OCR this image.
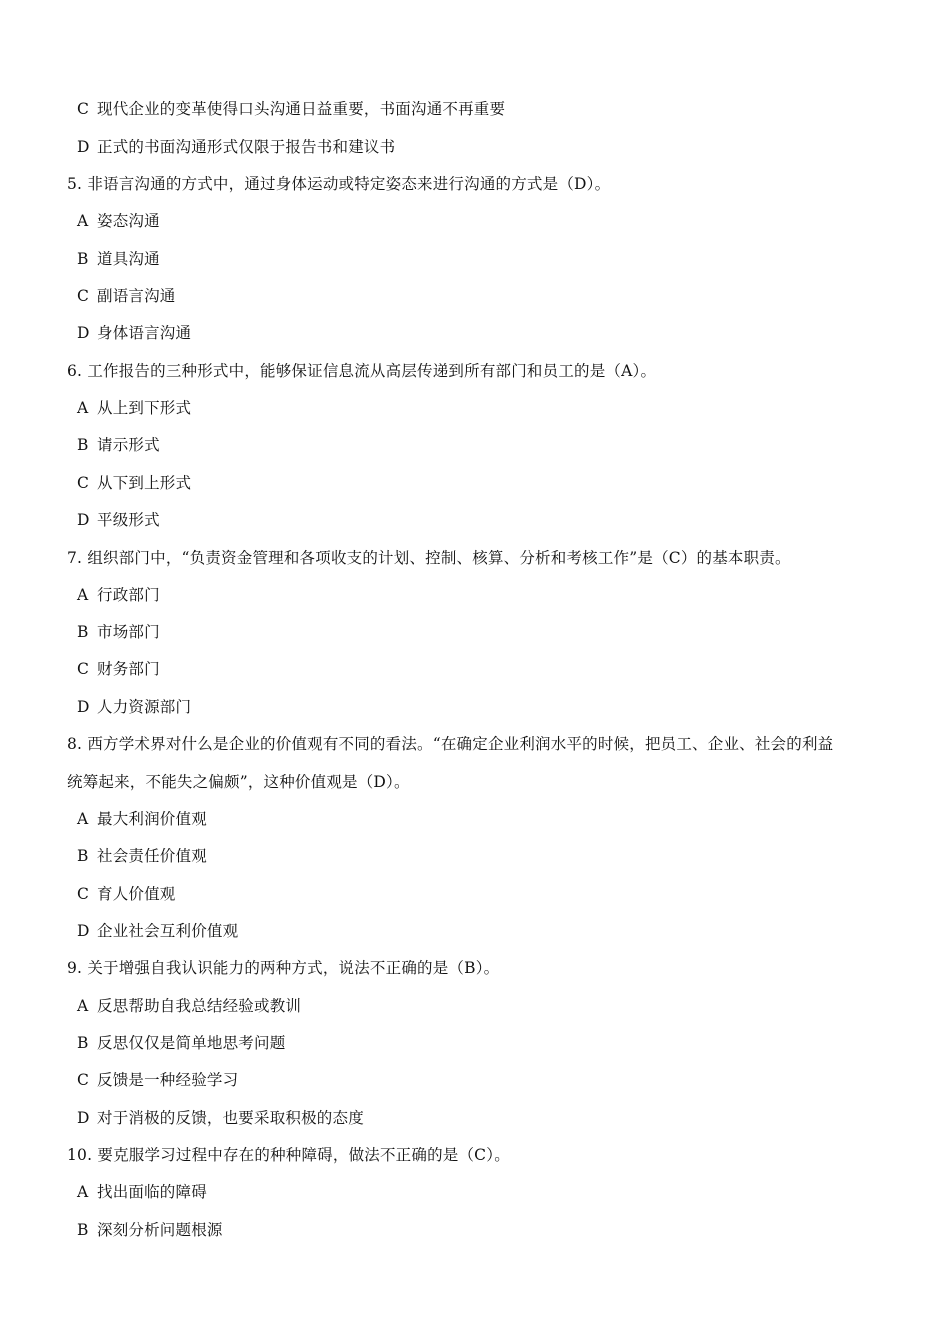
C 现代企业的变革使得口头沟通日益重要，书面沟通不再重要
D 正式的书面沟通形式仅限于报告书和建议书
5. 非语言沟通的方式中，通过身体运动或特定姿态来进行沟通的方式是（D）。
A 姿态沟通
B 道具沟通
C 副语言沟通
D 身体语言沟通
6. 工作报告的三种形式中，能够保证信息流从高层传递到所有部门和员工的是（A）。
A 从上到下形式
B 请示形式
C 从下到上形式
D 平级形式
7. 组织部门中，“负责资金管理和各项收支的计划、控制、核算、分析和考核工作”是（C）的基本职责。
A 行政部门
B 市场部门
C 财务部门
D 人力资源部门
8. 西方学术界对什么是企业的价值观有不同的看法。“在确定企业利润水平的时候，把员工、企业、社会的利益
统筹起来，不能失之偏颇”，这种价值观是（D）。
A 最大利润价值观
B 社会责任价值观
C 育人价值观
D 企业社会互利价值观
9. 关于增强自我认识能力的两种方式，说法不正确的是（B）。
A 反思帮助自我总结经验或教训
B 反思仅仅是简单地思考问题
C 反馈是一种经验学习
D 对于消极的反馈，也要采取积极的态度
10. 要克服学习过程中存在的种种障碍，做法不正确的是（C）。
A 找出面临的障碍
B 深刻分析问题根源
